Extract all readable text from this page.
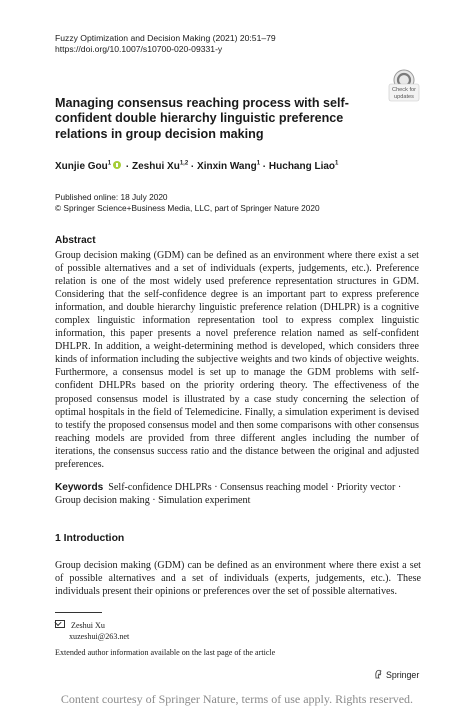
Fuzzy Optimization and Decision Making (2021) 20:51–79
https://doi.org/10.1007/s10700-020-09331-y
Check for
updates
Managing consensus reaching process with self-confident double hierarchy linguistic preference relations in group decision making
Xunjie Gou$^1$ · Zeshui Xu$^{1,2}$ · Xinxin Wang$^1$ · Huchang Liao$^1$
Published online: 18 July 2020
© Springer Science+Business Media, LLC, part of Springer Nature 2020
Abstract

Group decision making (GDM) can be defined as an environment where there exist a set of possible alternatives and a set of individuals (experts, judgements, etc.). Preference relation is one of the most widely used preference representation structures in GDM. Considering that the self-confidence degree is an important part to express preference information, and double hierarchy linguistic preference relation (DHLPR) is a cognitive complex linguistic information representation tool to express complex linguistic information, this paper presents a novel preference relation named as self-confident DHLPR. In addition, a weight-determining method is developed, which considers three kinds of information including the subjective weights and two kinds of objective weights. Furthermore, a consensus model is set up to manage the GDM problems with self-confident DHLPRs based on the priority ordering theory. The effectiveness of the proposed consensus model is illustrated by a case study concerning the selection of optimal hospitals in the field of Telemedicine. Finally, a simulation experiment is devised to testify the proposed consensus model and then some comparisons with other consensus reaching models are provided from three different angles including the number of iterations, the consensus success ratio and the distance between the original and adjusted preferences.

Keywords Self-confidence DHLPRs · Consensus reaching model · Priority vector · Group decision making · Simulation experiment

1 Introduction

Group decision making (GDM) can be defined as an environment where there exist a set of possible alternatives and a set of individuals (experts, judgements, etc.). These individuals present their opinions or preferences over the set of possible alternatives.

Zeshui Xu
xuzeshui@263.net
Extended author information available on the last page of the article
Springer
Content courtesy of Springer Nature, terms of use apply. Rights reserved.
